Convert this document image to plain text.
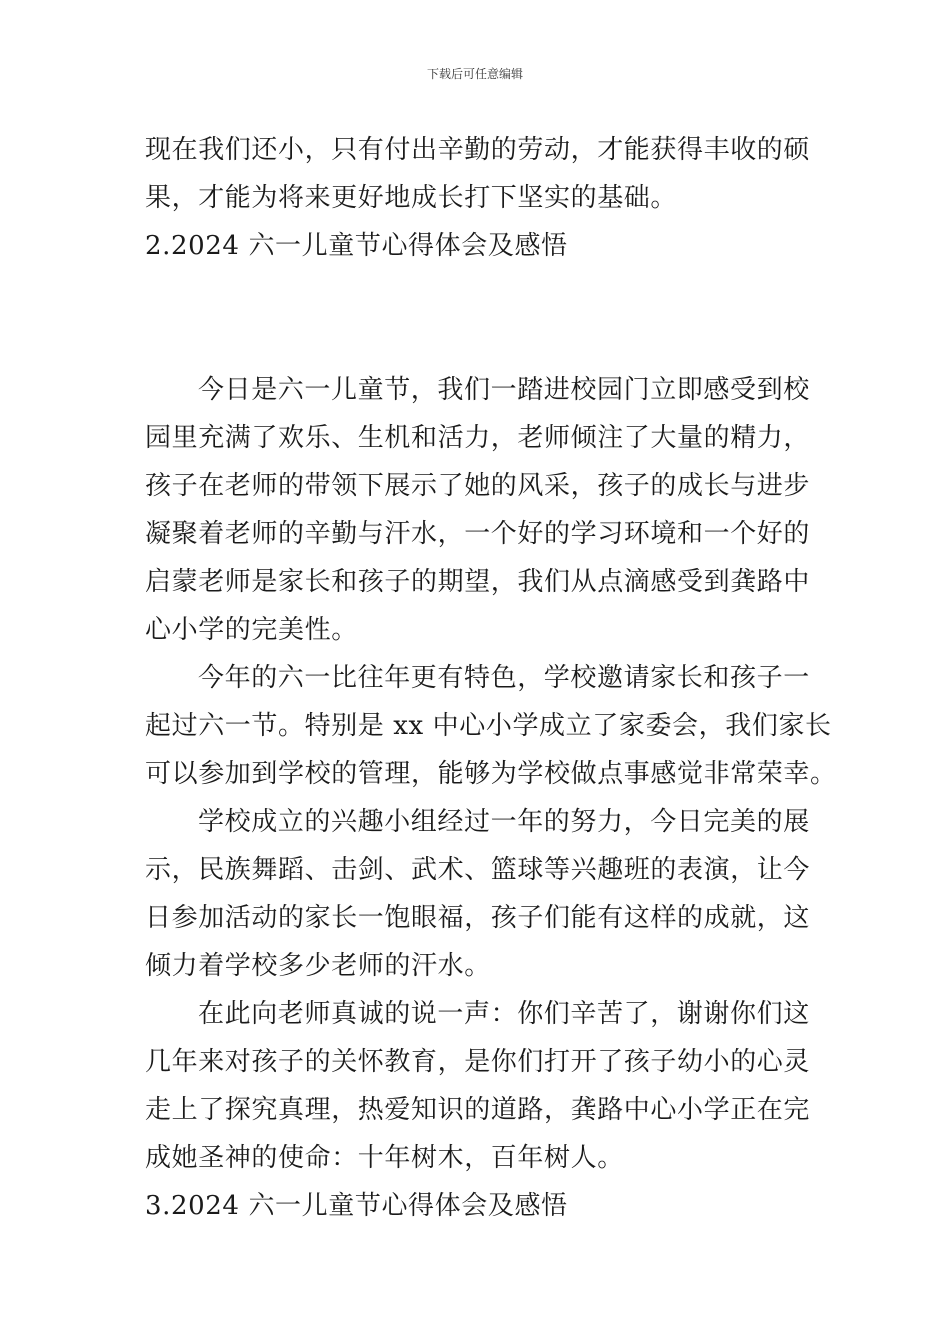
下载后可任意编辑
现在我们还小，只有付出辛勤的劳动，才能获得丰收的硕
果，才能为将来更好地成长打下坚实的基础。
2.2024 六一儿童节心得体会及感悟
今日是六一儿童节，我们一踏进校园门立即感受到校
园里充满了欢乐、生机和活力，老师倾注了大量的精力，
孩子在老师的带领下展示了她的风采，孩子的成长与进步
凝聚着老师的辛勤与汗水，一个好的学习环境和一个好的
启蒙老师是家长和孩子的期望，我们从点滴感受到龚路中
心小学的完美性。
今年的六一比往年更有特色，学校邀请家长和孩子一
起过六一节。特别是 xx 中心小学成立了家委会，我们家长
可以参加到学校的管理，能够为学校做点事感觉非常荣幸。
学校成立的兴趣小组经过一年的努力，今日完美的展
示，民族舞蹈、击剑、武术、篮球等兴趣班的表演，让今
日参加活动的家长一饱眼福，孩子们能有这样的成就，这
倾力着学校多少老师的汗水。
在此向老师真诚的说一声：你们辛苦了，谢谢你们这
几年来对孩子的关怀教育，是你们打开了孩子幼小的心灵
走上了探究真理，热爱知识的道路，龚路中心小学正在完
成她圣神的使命：十年树木，百年树人。
3.2024 六一儿童节心得体会及感悟
